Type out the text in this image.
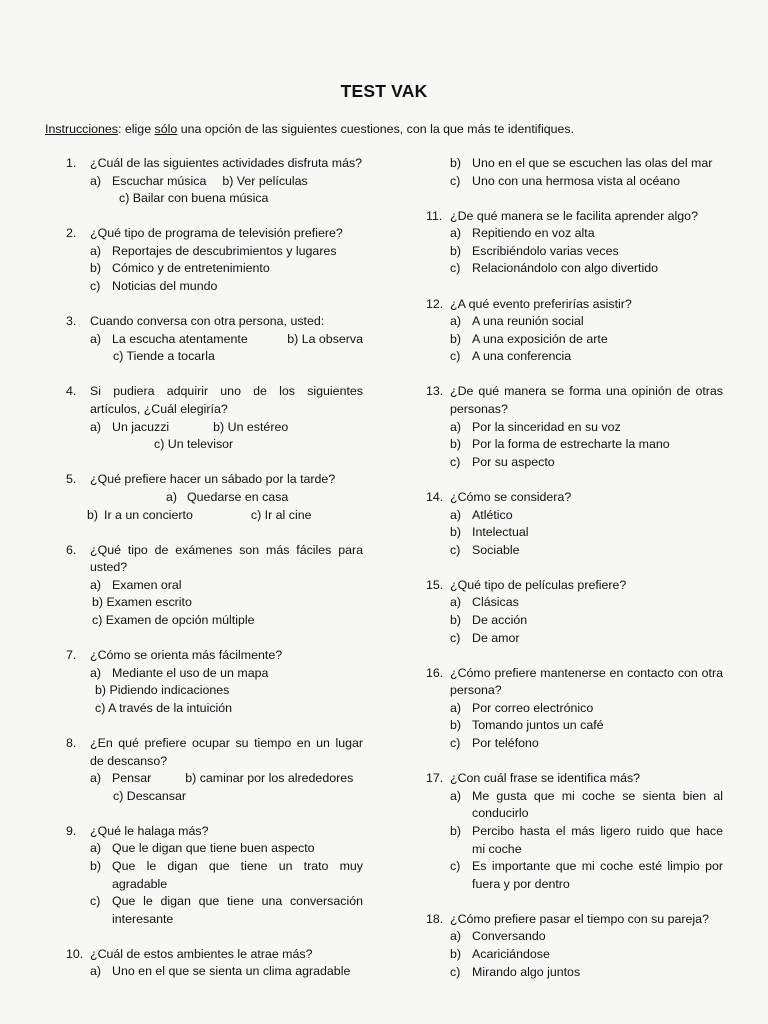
TEST VAK
Instrucciones: elige sólo una opción de las siguientes cuestiones, con la que más te identifiques.
1.	¿Cuál de las siguientes actividades disfruta más?
a) Escuchar música b) Ver películas
c) Bailar con buena música
2.	¿Qué tipo de programa de televisión prefiere?
a) Reportajes de descubrimientos y lugares
b) Cómico y de entretenimiento
c) Noticias del mundo
3.	Cuando conversa con otra persona, usted:
a) La escucha atentamente	b) La observa
c) Tiende a tocarla
4.	Si pudiera adquirir uno de los siguientes artículos, ¿Cuál elegiría?
a) Un jacuzzi	b) Un estéreo
c) Un televisor
5.	¿Qué prefiere hacer un sábado por la tarde?
a) Quedarse en casa
b) Ir a un concierto	c) Ir al cine
6.	¿Qué tipo de exámenes son más fáciles para usted?
a) Examen oral
b) Examen escrito
c) Examen de opción múltiple
7.	¿Cómo se orienta más fácilmente?
a) Mediante el uso de un mapa
b) Pidiendo indicaciones
c) A través de la intuición
8.	¿En qué prefiere ocupar su tiempo en un lugar de descanso?
a) Pensar	b) caminar por los alrededores
c) Descansar
9.	¿Qué le halaga más?
a) Que le digan que tiene buen aspecto
b) Que le digan que tiene un trato muy agradable
c) Que le digan que tiene una conversación interesante
10. ¿Cuál de estos ambientes le atrae más?
a) Uno en el que se sienta un clima agradable
b) Uno en el que se escuchen las olas del mar
c) Uno con una hermosa vista al océano
11. ¿De qué manera se le facilita aprender algo?
a) Repitiendo en voz alta
b) Escribiéndolo varias veces
c) Relacionándolo con algo divertido
12. ¿A qué evento preferirías asistir?
a) A una reunión social
b) A una exposición de arte
c) A una conferencia
13. ¿De qué manera se forma una opinión de otras personas?
a) Por la sinceridad en su voz
b) Por la forma de estrecharte la mano
c) Por su aspecto
14. ¿Cómo se considera?
a) Atlético
b) Intelectual
c) Sociable
15. ¿Qué tipo de películas prefiere?
a) Clásicas
b) De acción
c) De amor
16. ¿Cómo prefiere mantenerse en contacto con otra persona?
a) Por correo electrónico
b) Tomando juntos un café
c) Por teléfono
17. ¿Con cuál frase se identifica más?
a) Me gusta que mi coche se sienta bien al conducirlo
b) Percibo hasta el más ligero ruido que hace mi coche
c) Es importante que mi coche esté limpio por fuera y por dentro
18. ¿Cómo prefiere pasar el tiempo con su pareja?
a) Conversando
b) Acariciándose
c) Mirando algo juntos
